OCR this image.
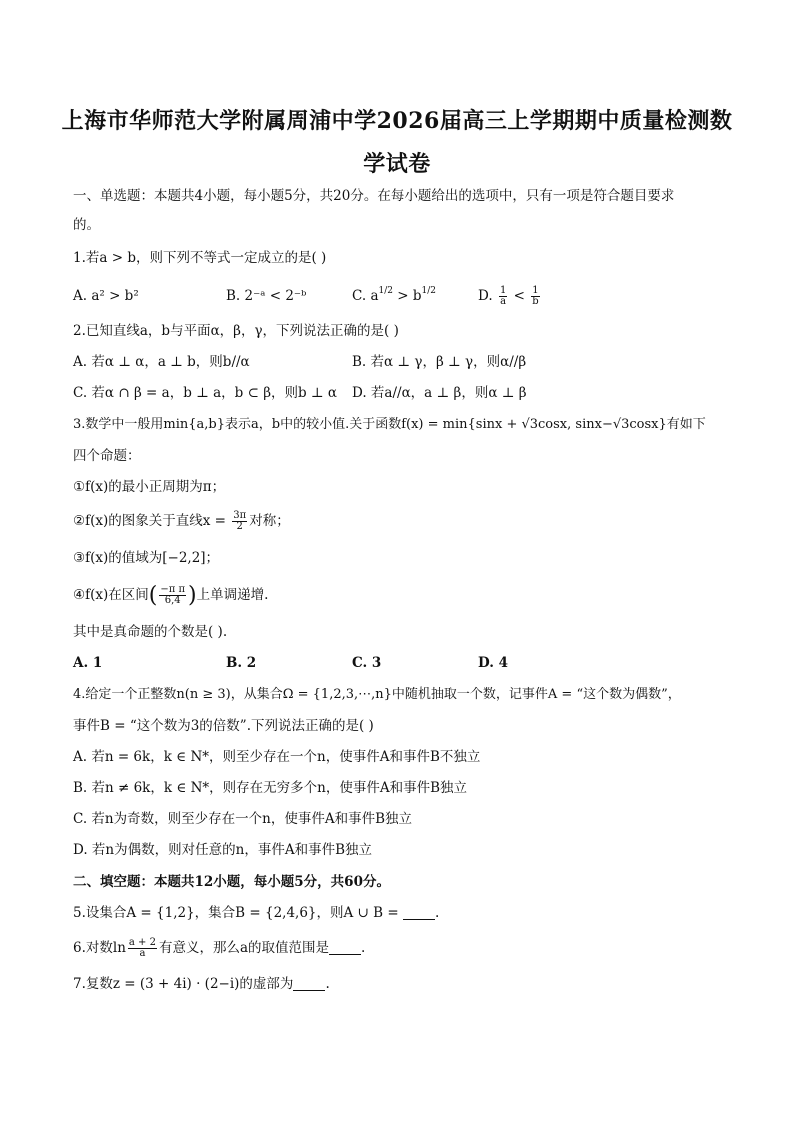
上海市华师范大学附属周浦中学2026届高三上学期期中质量检测数
学试卷
一、单选题：本题共4小题，每小题5分，共20分。在每小题给出的选项中，只有一项是符合题目要求
的。
1.若a > b，则下列不等式一定成立的是( )
A. a² > b²	B. 2⁻ᵃ < 2⁻ᵇ	C. $a^{1/2} > b^{1/2}$	D. $\frac{1}{a} < \frac{1}{b}$
2.已知直线a，b与平面α，β，γ，下列说法正确的是( )
A. 若α ⊥ α，a ⊥ b，则b//α	B. 若α ⊥ γ，β ⊥ γ，则α//β
C. 若α ∩ β = a，b ⊥ a，b ⊂ β，则b ⊥ α D. 若a//α，a ⊥ β，则α ⊥ β
3.数学中一般用min{a,b}表示a，b中的较小值.关于函数f(x) = min{sinx + √3cosx, sinx−√3cosx}有如下
四个命题：
①f(x)的最小正周期为π；
②f(x)的图象关于直线$x = \frac{3\pi}{2}$ 对称；
③f(x)的值域为[−2,2]；
④f(x)在区间( $\frac{\text{−π π}}{6,4}$ )上单调递增.
其中是真命题的个数是( ).
A. 1	B. 2	C. 3	D. 4
4.给定一个正整数n(n ≥ 3)，从集合Ω = {1,2,3,⋯,n}中随机抽取一个数，记事件A = “这个数为偶数”，
事件B = “这个数为3的倍数”.下列说法正确的是( )
A. 若n = 6k，k ∈ N*，则至少存在一个n，使事件A和事件B不独立
B. 若n ≠ 6k，k ∈ N*，则存在无穷多个n，使事件A和事件B独立
C. 若n为奇数，则至少存在一个n，使事件A和事件B独立
D. 若n为偶数，则对任意的n，事件A和事件B独立
二、填空题：本题共12小题，每小题5分，共60分。
5.设集合A = {1,2}，集合B = {2,4,6}，则A ∪ B = .
6.对数$\ln \frac{a + 2}{a}$ 有意义，那么a的取值范围是 .
7.复数z = (3 + 4i) · (2−i)的虚部为 .
